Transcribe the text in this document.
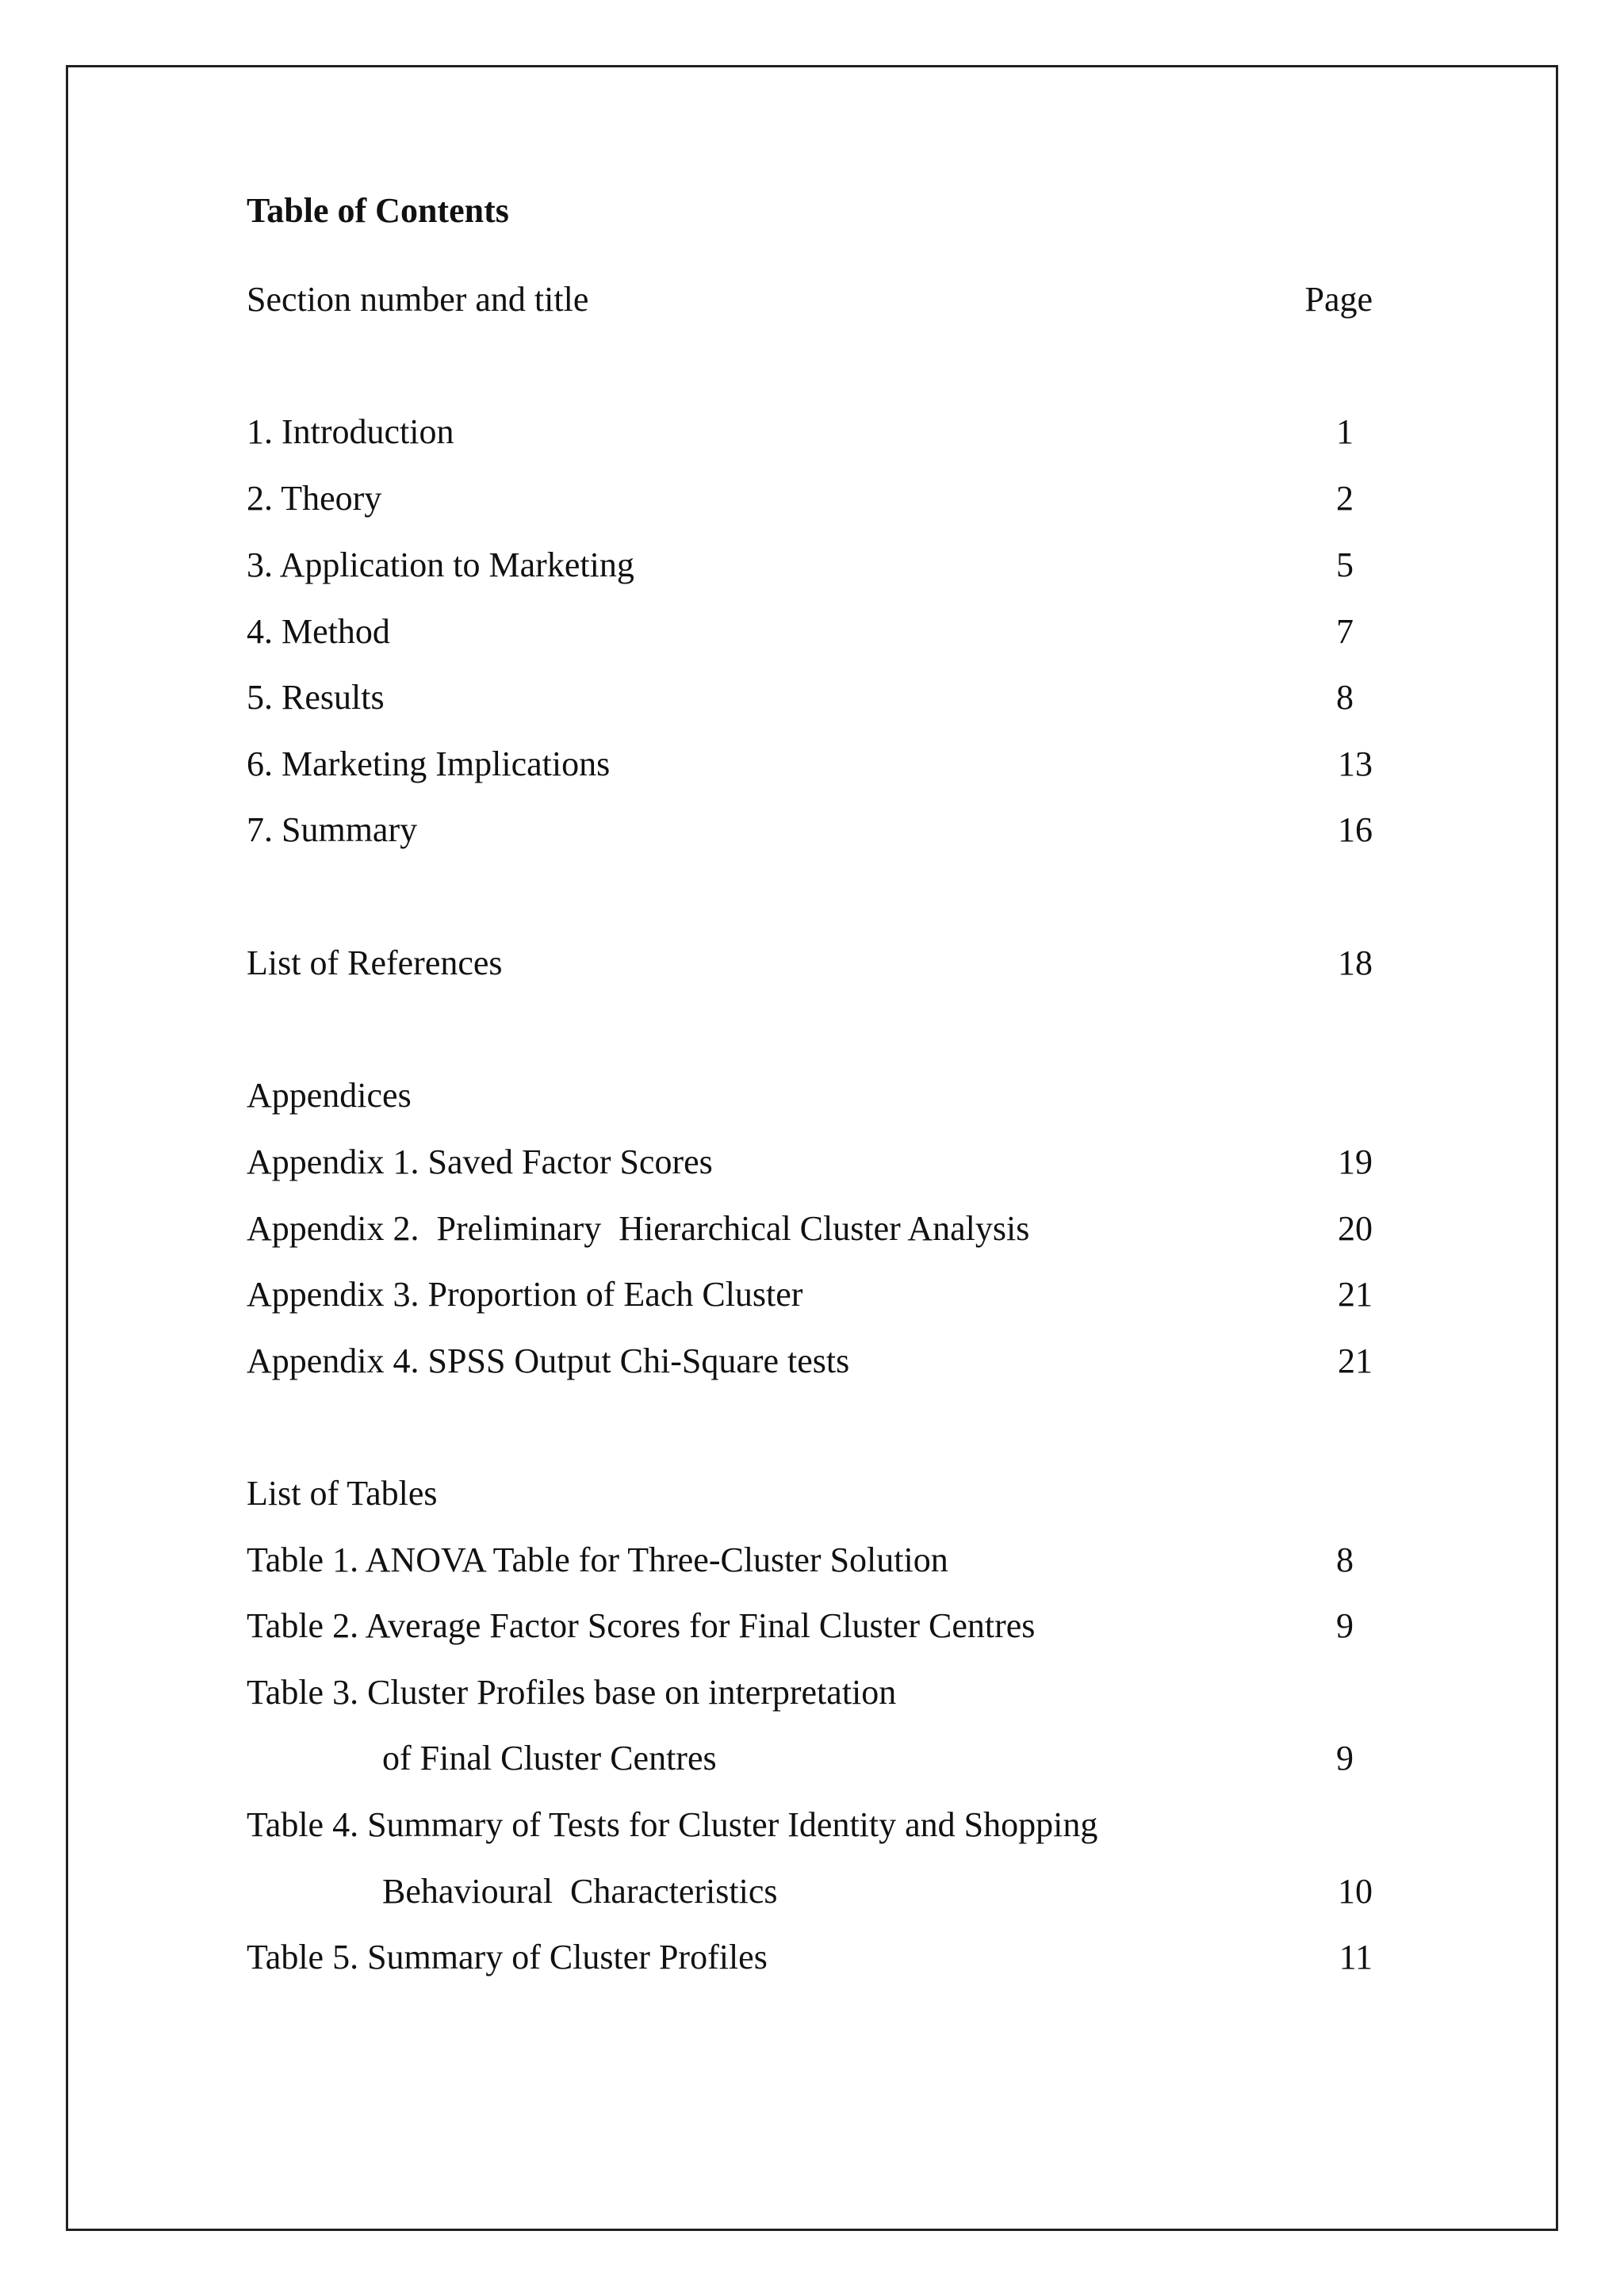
Table of Contents
Section number and title	Page
1. Introduction	1
2. Theory	2
3. Application to Marketing	5
4. Method	7
5. Results	8
6. Marketing Implications	13
7. Summary	16
List of References	18
Appendices
Appendix 1. Saved Factor Scores	19
Appendix 2.  Preliminary  Hierarchical Cluster Analysis	20
Appendix 3. Proportion of Each Cluster	21
Appendix 4. SPSS Output Chi-Square tests	21
List of Tables
Table 1. ANOVA Table for Three-Cluster Solution	8
Table 2. Average Factor Scores for Final Cluster Centres	9
Table 3. Cluster Profiles base on interpretation
of Final Cluster Centres	9
Table 4. Summary of Tests for Cluster Identity and Shopping
Behavioural  Characteristics	10
Table 5. Summary of Cluster Profiles	11
